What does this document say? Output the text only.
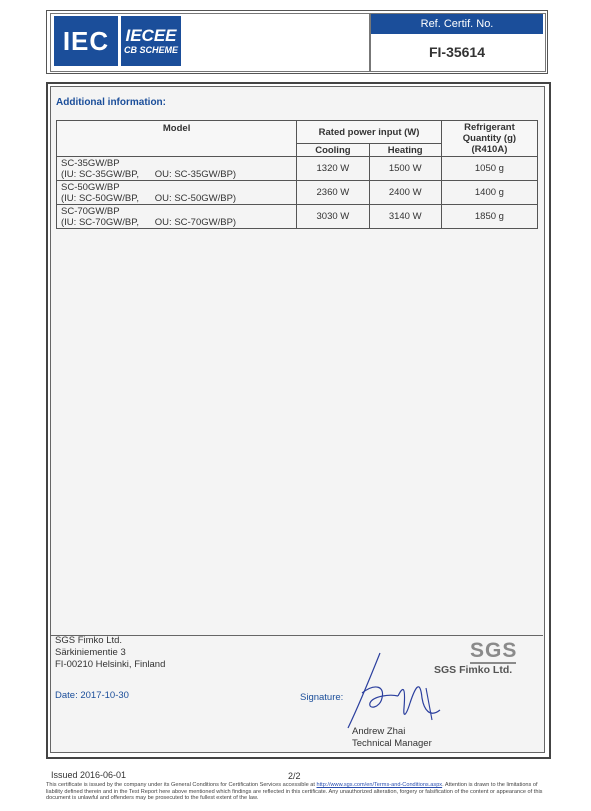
IEC IECEE
CB SCHEME
Ref. Certif. No.
FI-35614
Additional information:
Model	Rated power input (W)		Refrigerant Quantity (g) (R410A)
	Cooling	Heating	

SC-35GW/BP
(IU: SC-35GW/BP, OU: SC-35GW/BP)	1320 W	1500 W	1050 g

SC-50GW/BP
(IU: SC-50GW/BP, OU: SC-50GW/BP)	2360 W	2400 W	1400 g

SC-70GW/BP
(IU: SC-70GW/BP, OU: SC-70GW/BP)	3030 W	3140 W	1850 g
SGS Fimko Ltd.
Särkiniementie 3
FI-00210 Helsinki, Finland
Date: 2017-10-30	Signature:
SGS
SGS Fimko Ltd.
Andrew Zhai
Technical Manager
Issued 2016-06-01	2/2
This certificate is issued by the company under its General Conditions for Certification Services accessible at http://www.sgs.com/en/Terms-and-Conditions.aspx. Attention is drawn to the limitations of liability defined therein and in the Test Report here above mentioned which findings are reflected in this certificate. Any unauthorized alteration, forgery or falsification of the content or appearance of this document is unlawful and offenders may be prosecuted to the fullest extent of the law.
